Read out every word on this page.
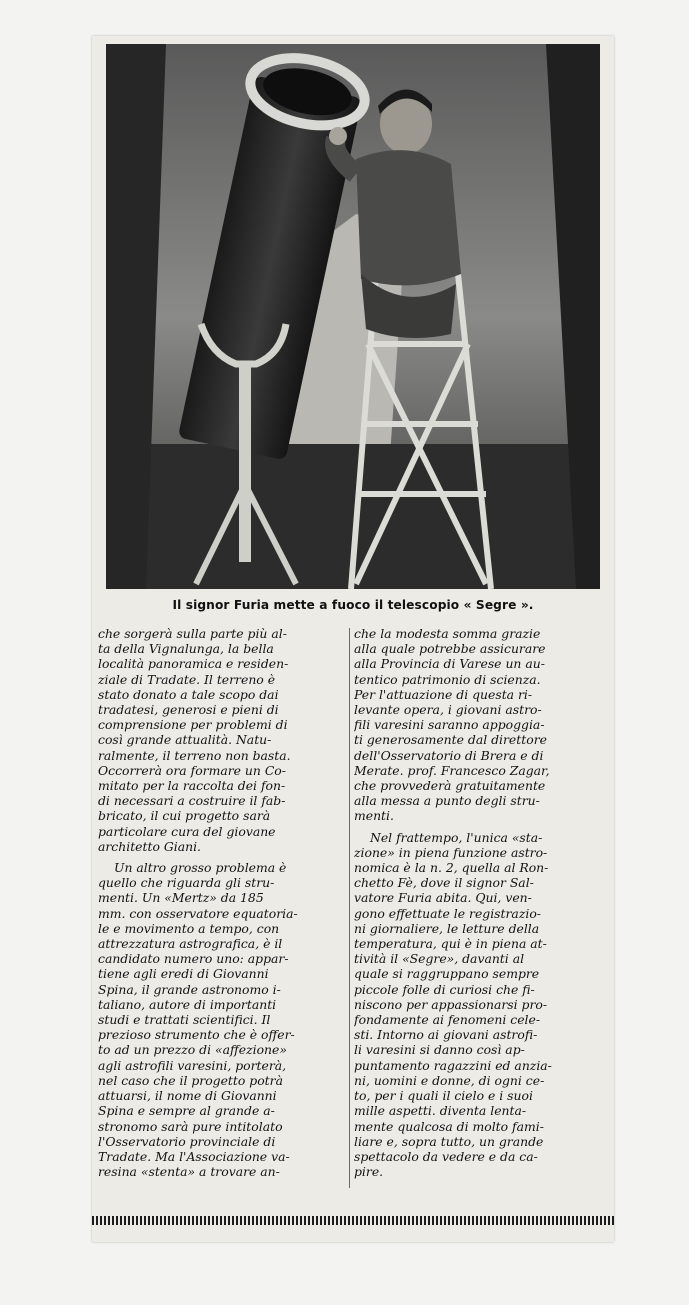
Il signor Furia mette a fuoco il telescopio « Segre ».
che sorgerà sulla parte più al-
ta della Vignalunga, la bella
località panoramica e residen-
ziale di Tradate. Il terreno è
stato donato a tale scopo dai
tradatesi, generosi e pieni di
comprensione per problemi di
così grande attualità. Natu-
ralmente, il terreno non basta.
Occorrerà ora formare un Co-
mitato per la raccolta dei fon-
di necessari a costruire il fab-
bricato, il cui progetto sarà
particolare cura del giovane
architetto Giani.
Un altro grosso problema è
quello che riguarda gli stru-
menti. Un «Mertz» da 185
mm. con osservatore equatoria-
le e movimento a tempo, con
attrezzatura astrografica, è il
candidato numero uno: appar-
tiene agli eredi di Giovanni
Spina, il grande astronomo i-
taliano, autore di importanti
studi e trattati scientifici. Il
prezioso strumento che è offer-
to ad un prezzo di «affezione»
agli astrofili varesini, porterà,
nel caso che il progetto potrà
attuarsi, il nome di Giovanni
Spina e sempre al grande a-
stronomo sarà pure intitolato
l'Osservatorio provinciale di
Tradate. Ma l'Associazione va-
resina «stenta» a trovare an-
che la modesta somma grazie
alla quale potrebbe assicurare
alla Provincia di Varese un au-
tentico patrimonio di scienza.
Per l'attuazione di questa ri-
levante opera, i giovani astro-
fili varesini saranno appoggia-
ti generosamente dal direttore
dell'Osservatorio di Brera e di
Merate. prof. Francesco Zagar,
che provvederà gratuitamente
alla messa a punto degli stru-
menti.
Nel frattempo, l'unica «sta-
zione» in piena funzione astro-
nomica è la n. 2, quella al Ron-
chetto Fè, dove il signor Sal-
vatore Furia abita. Qui, ven-
gono effettuate le registrazio-
ni giornaliere, le letture della
temperatura, qui è in piena at-
tività il «Segre», davanti al
quale si raggruppano sempre
piccole folle di curiosi che fi-
niscono per appassionarsi pro-
fondamente ai fenomeni cele-
sti. Intorno ai giovani astrofi-
li varesini si danno così ap-
puntamento ragazzini ed anzia-
ni, uomini e donne, di ogni ce-
to, per i quali il cielo e i suoi
mille aspetti. diventa lenta-
mente qualcosa di molto fami-
liare e, sopra tutto, un grande
spettacolo da vedere e da ca-
pire.
